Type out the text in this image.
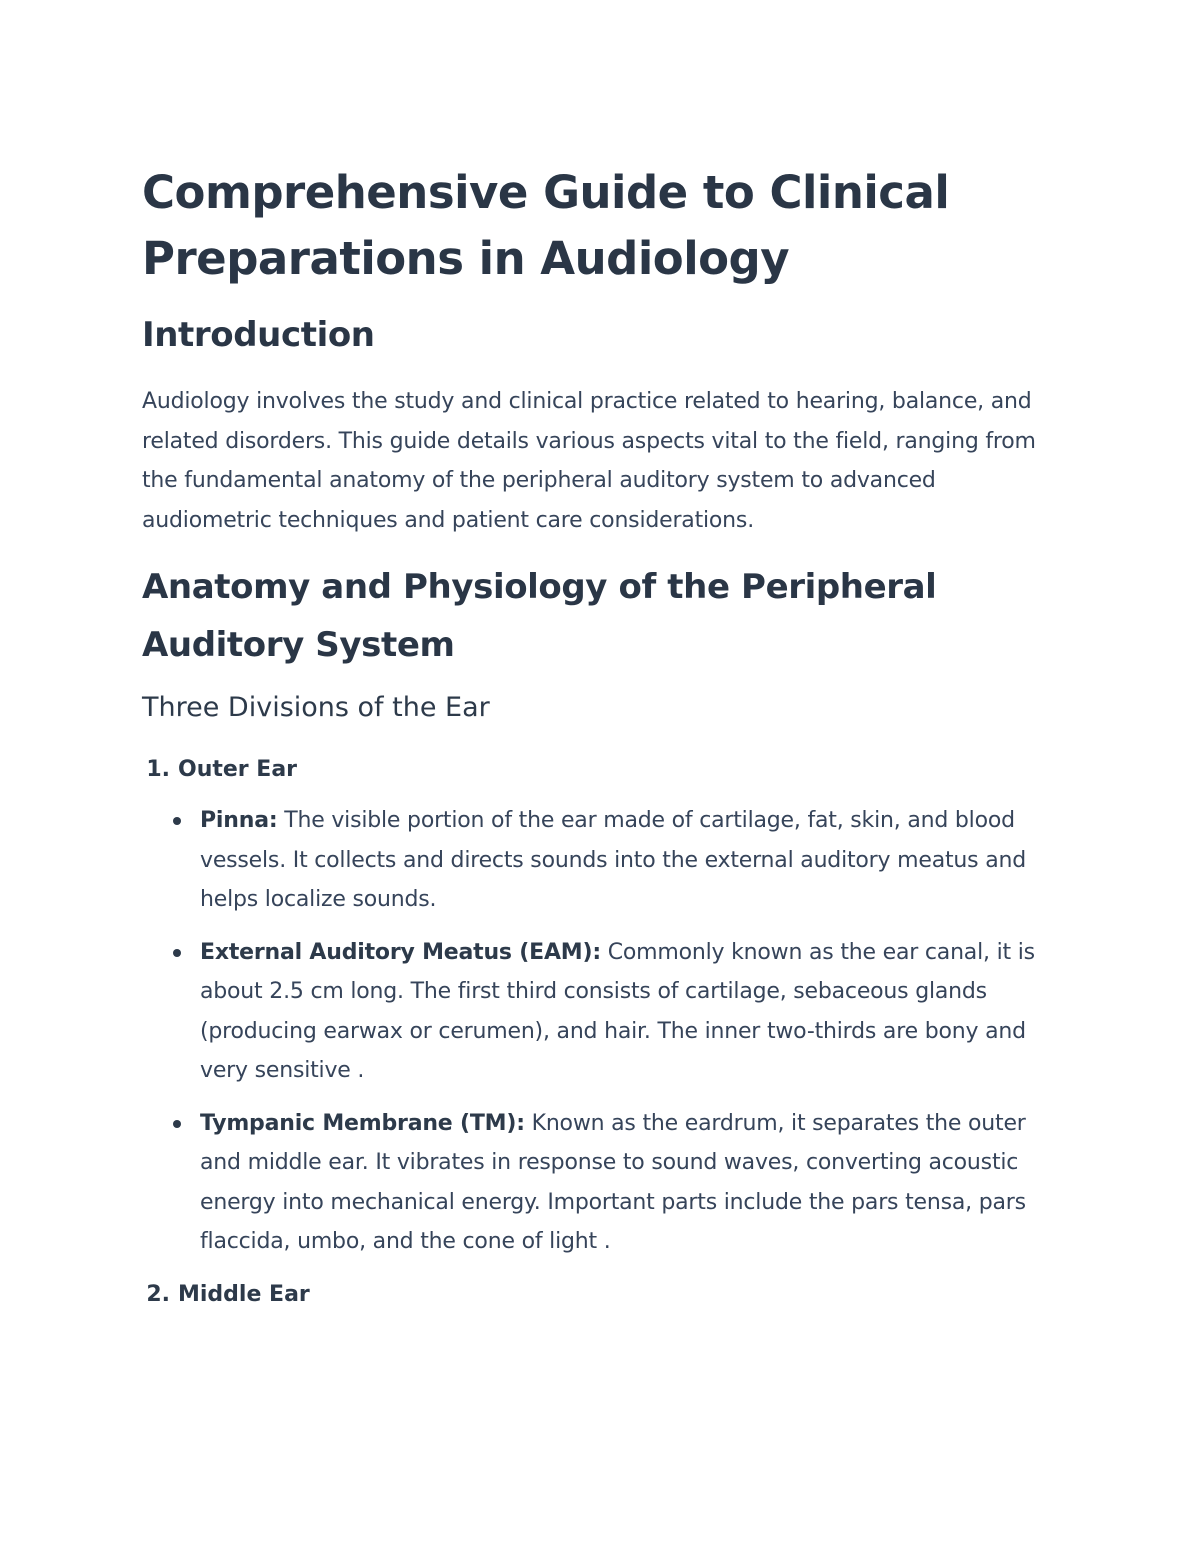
Comprehensive Guide to Clinical Preparations in Audiology
Introduction

Audiology involves the study and clinical practice related to hearing, balance, and related disorders. This guide details various aspects vital to the field, ranging from the fundamental anatomy of the peripheral auditory system to advanced audiometric techniques and patient care considerations.

Anatomy and Physiology of the Peripheral Auditory System
Three Divisions of the Ear
1. Outer Ear
Pinna: The visible portion of the ear made of cartilage, fat, skin, and blood vessels. It collects and directs sounds into the external auditory meatus and helps localize sounds.
External Auditory Meatus (EAM): Commonly known as the ear canal, it is about 2.5 cm long. The first third consists of cartilage, sebaceous glands (producing earwax or cerumen), and hair. The inner two-thirds are bony and very sensitive .
Tympanic Membrane (TM): Known as the eardrum, it separates the outer and middle ear. It vibrates in response to sound waves, converting acoustic energy into mechanical energy. Important parts include the pars tensa, pars flaccida, umbo, and the cone of light .
2. Middle Ear
